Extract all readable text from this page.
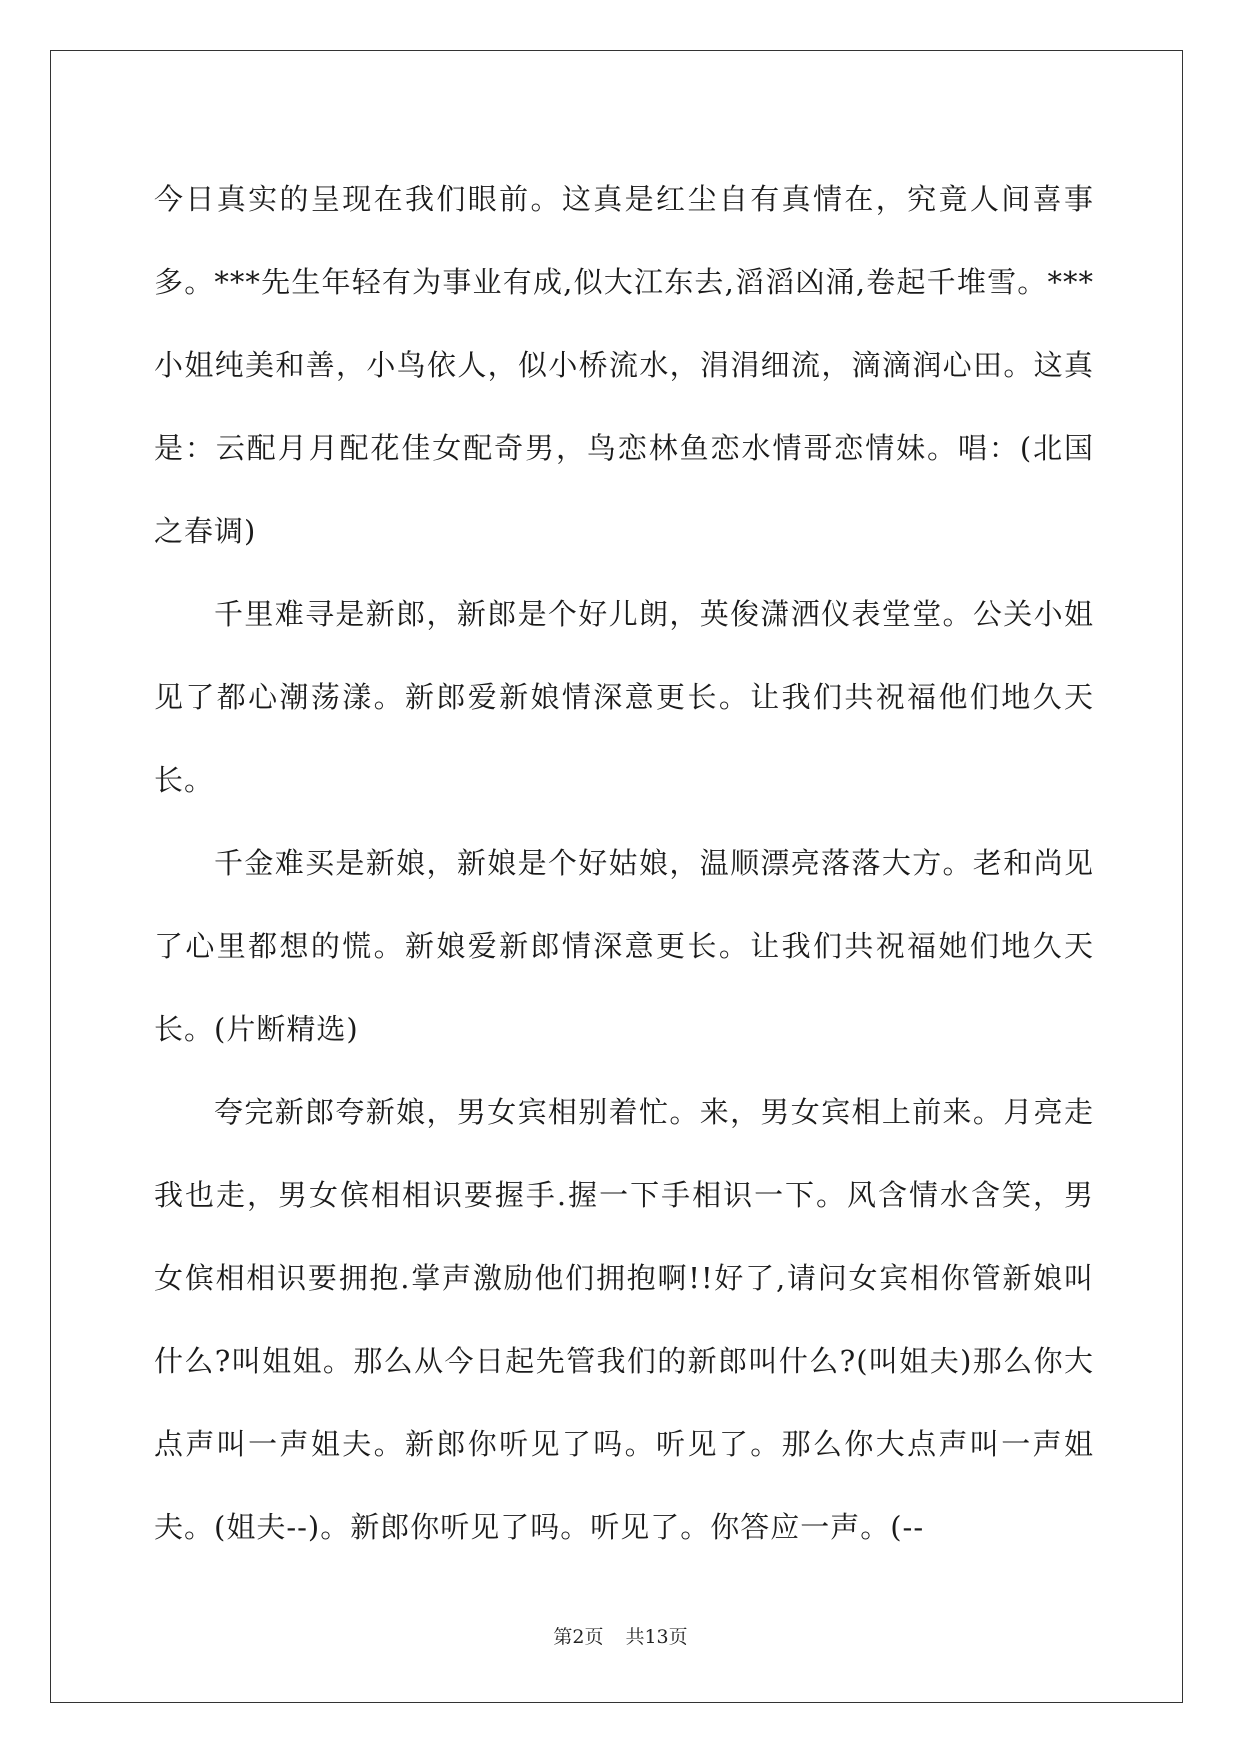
今日真实的呈现在我们眼前。这真是红尘自有真情在，究竟人间喜事多。***先生年轻有为事业有成,似大江东去,滔滔凶涌,卷起千堆雪。***小姐纯美和善，小鸟依人，似小桥流水，涓涓细流，滴滴润心田。这真是：云配月月配花佳女配奇男，鸟恋林鱼恋水情哥恋情妹。唱：(北国之春调)

千里难寻是新郎，新郎是个好儿朗，英俊潇洒仪表堂堂。公关小姐见了都心潮荡漾。新郎爱新娘情深意更长。让我们共祝福他们地久天长。

千金难买是新娘，新娘是个好姑娘，温顺漂亮落落大方。老和尚见了心里都想的慌。新娘爱新郎情深意更长。让我们共祝福她们地久天长。(片断精选)

夸完新郎夸新娘，男女宾相别着忙。来，男女宾相上前来。月亮走我也走，男女傧相相识要握手.握一下手相识一下。风含情水含笑，男女傧相相识要拥抱.掌声激励他们拥抱啊!!好了,请问女宾相你管新娘叫什么?叫姐姐。那么从今日起先管我们的新郎叫什么?(叫姐夫)那么你大点声叫一声姐夫。新郎你听见了吗。听见了。那么你大点声叫一声姐夫。(姐夫--)。新郎你听见了吗。听见了。你答应一声。(--

第2页 共13页
